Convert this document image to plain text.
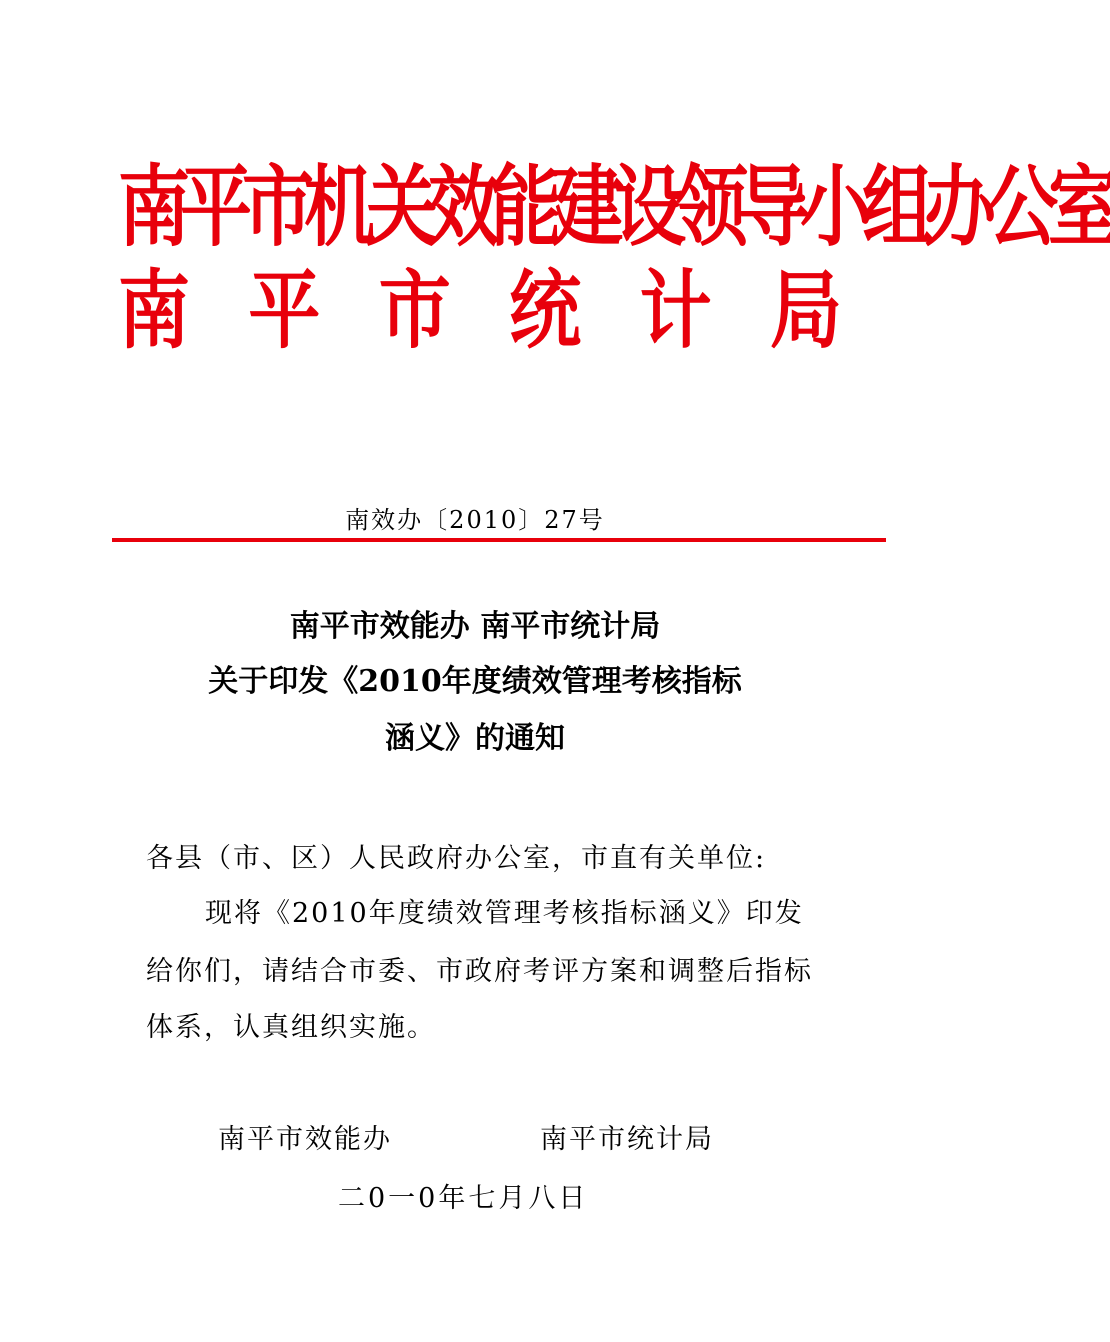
南平市机关效能建设领导小组办公室
南 平 市 统 计 局
南效办〔2010〕27号
南平市效能办 南平市统计局
关于印发《2010年度绩效管理考核指标
涵义》的通知
各县（市、区）人民政府办公室，市直有关单位:
现将《2010年度绩效管理考核指标涵义》印发
给你们，请结合市委、市政府考评方案和调整后指标
体系，认真组织实施。
南平市效能办	南平市统计局
二0一0年七月八日
